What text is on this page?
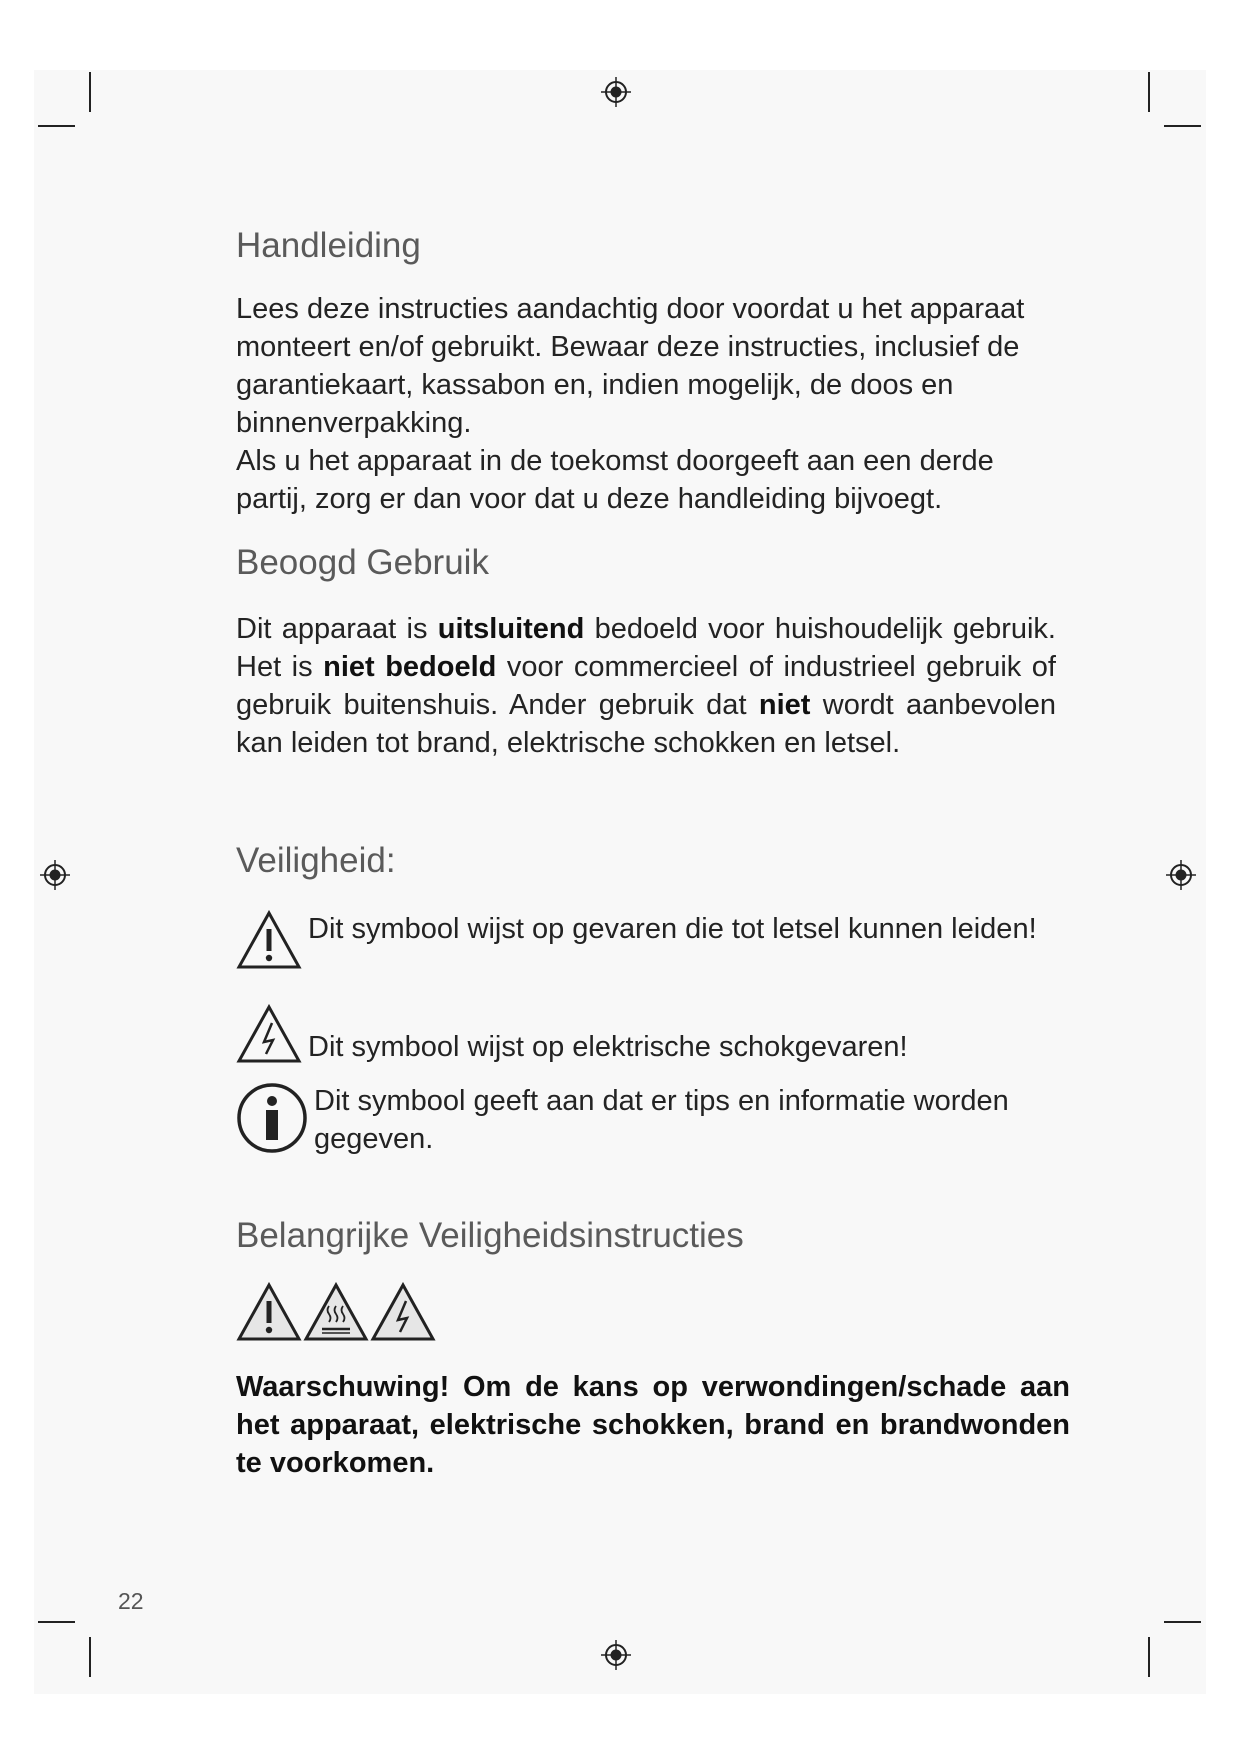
Handleiding

Lees deze instructies aandachtig door voordat u het apparaat monteert en/of gebruikt. Bewaar deze instructies, inclusief de garantiekaart, kassabon en, indien mogelijk, de doos en binnenverpakking.

Als u het apparaat in de toekomst doorgeeft aan een derde partij, zorg er dan voor dat u deze handleiding bijvoegt.

Beoogd Gebruik

Dit apparaat is uitsluitend bedoeld voor huishoudelijk gebruik. Het is niet bedoeld voor commercieel of industrieel gebruik of gebruik buitenshuis. Ander gebruik dat niet wordt aanbevolen kan leiden tot brand, elektrische schokken en letsel.

Veiligheid:
Dit symbool wijst op gevaren die tot letsel kunnen leiden!
Dit symbool wijst op elektrische schokgevaren!
Dit symbool geeft aan dat er tips en informatie worden gegeven.
Belangrijke Veiligheidsinstructies

Waarschuwing! Om de kans op verwondingen/schade aan het apparaat, elektrische schokken, brand en brandwonden te voorkomen.

22
